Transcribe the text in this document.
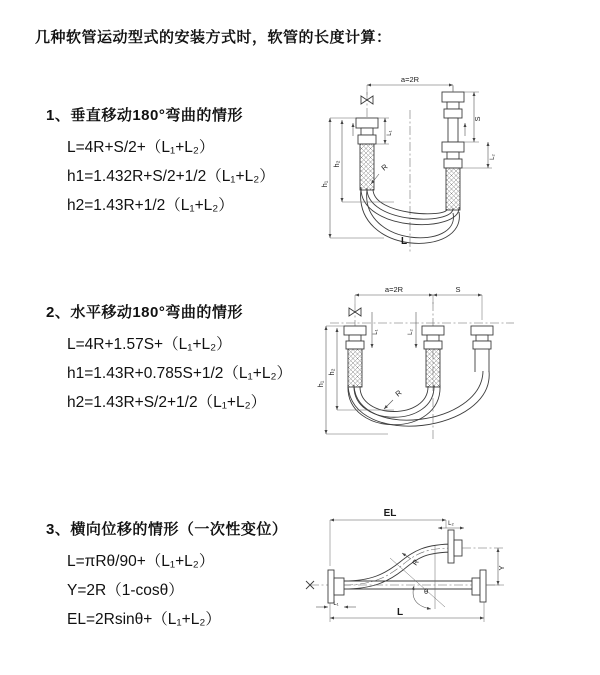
几种软管运动型式的安装方式时，软管的长度计算：
1、垂直移动180°弯曲的情形
L=4R+S/2+（L₁+L₂）
h1=1.432R+S/2+1/2（L₁+L₂）
h2=1.43R+1/2（L₁+L₂）
a=2R
R
h₁
h₂
L₁
S
L₂
L
2、水平移动180°弯曲的情形
L=4R+1.57S+（L₁+L₂）
h1=1.43R+0.785S+1/2（L₁+L₂）
h2=1.43R+S/2+1/2（L₁+L₂）
a=2R	S
R
h₁
h₂
L₁	L₂
3、横向位移的情形（一次性变位）
L=πRθ/90+（L₁+L₂）
Y=2R（1-cosθ）
EL=2Rsinθ+（L₁+L₂）
EL
L₂
θ
R
Y
L₁
L
